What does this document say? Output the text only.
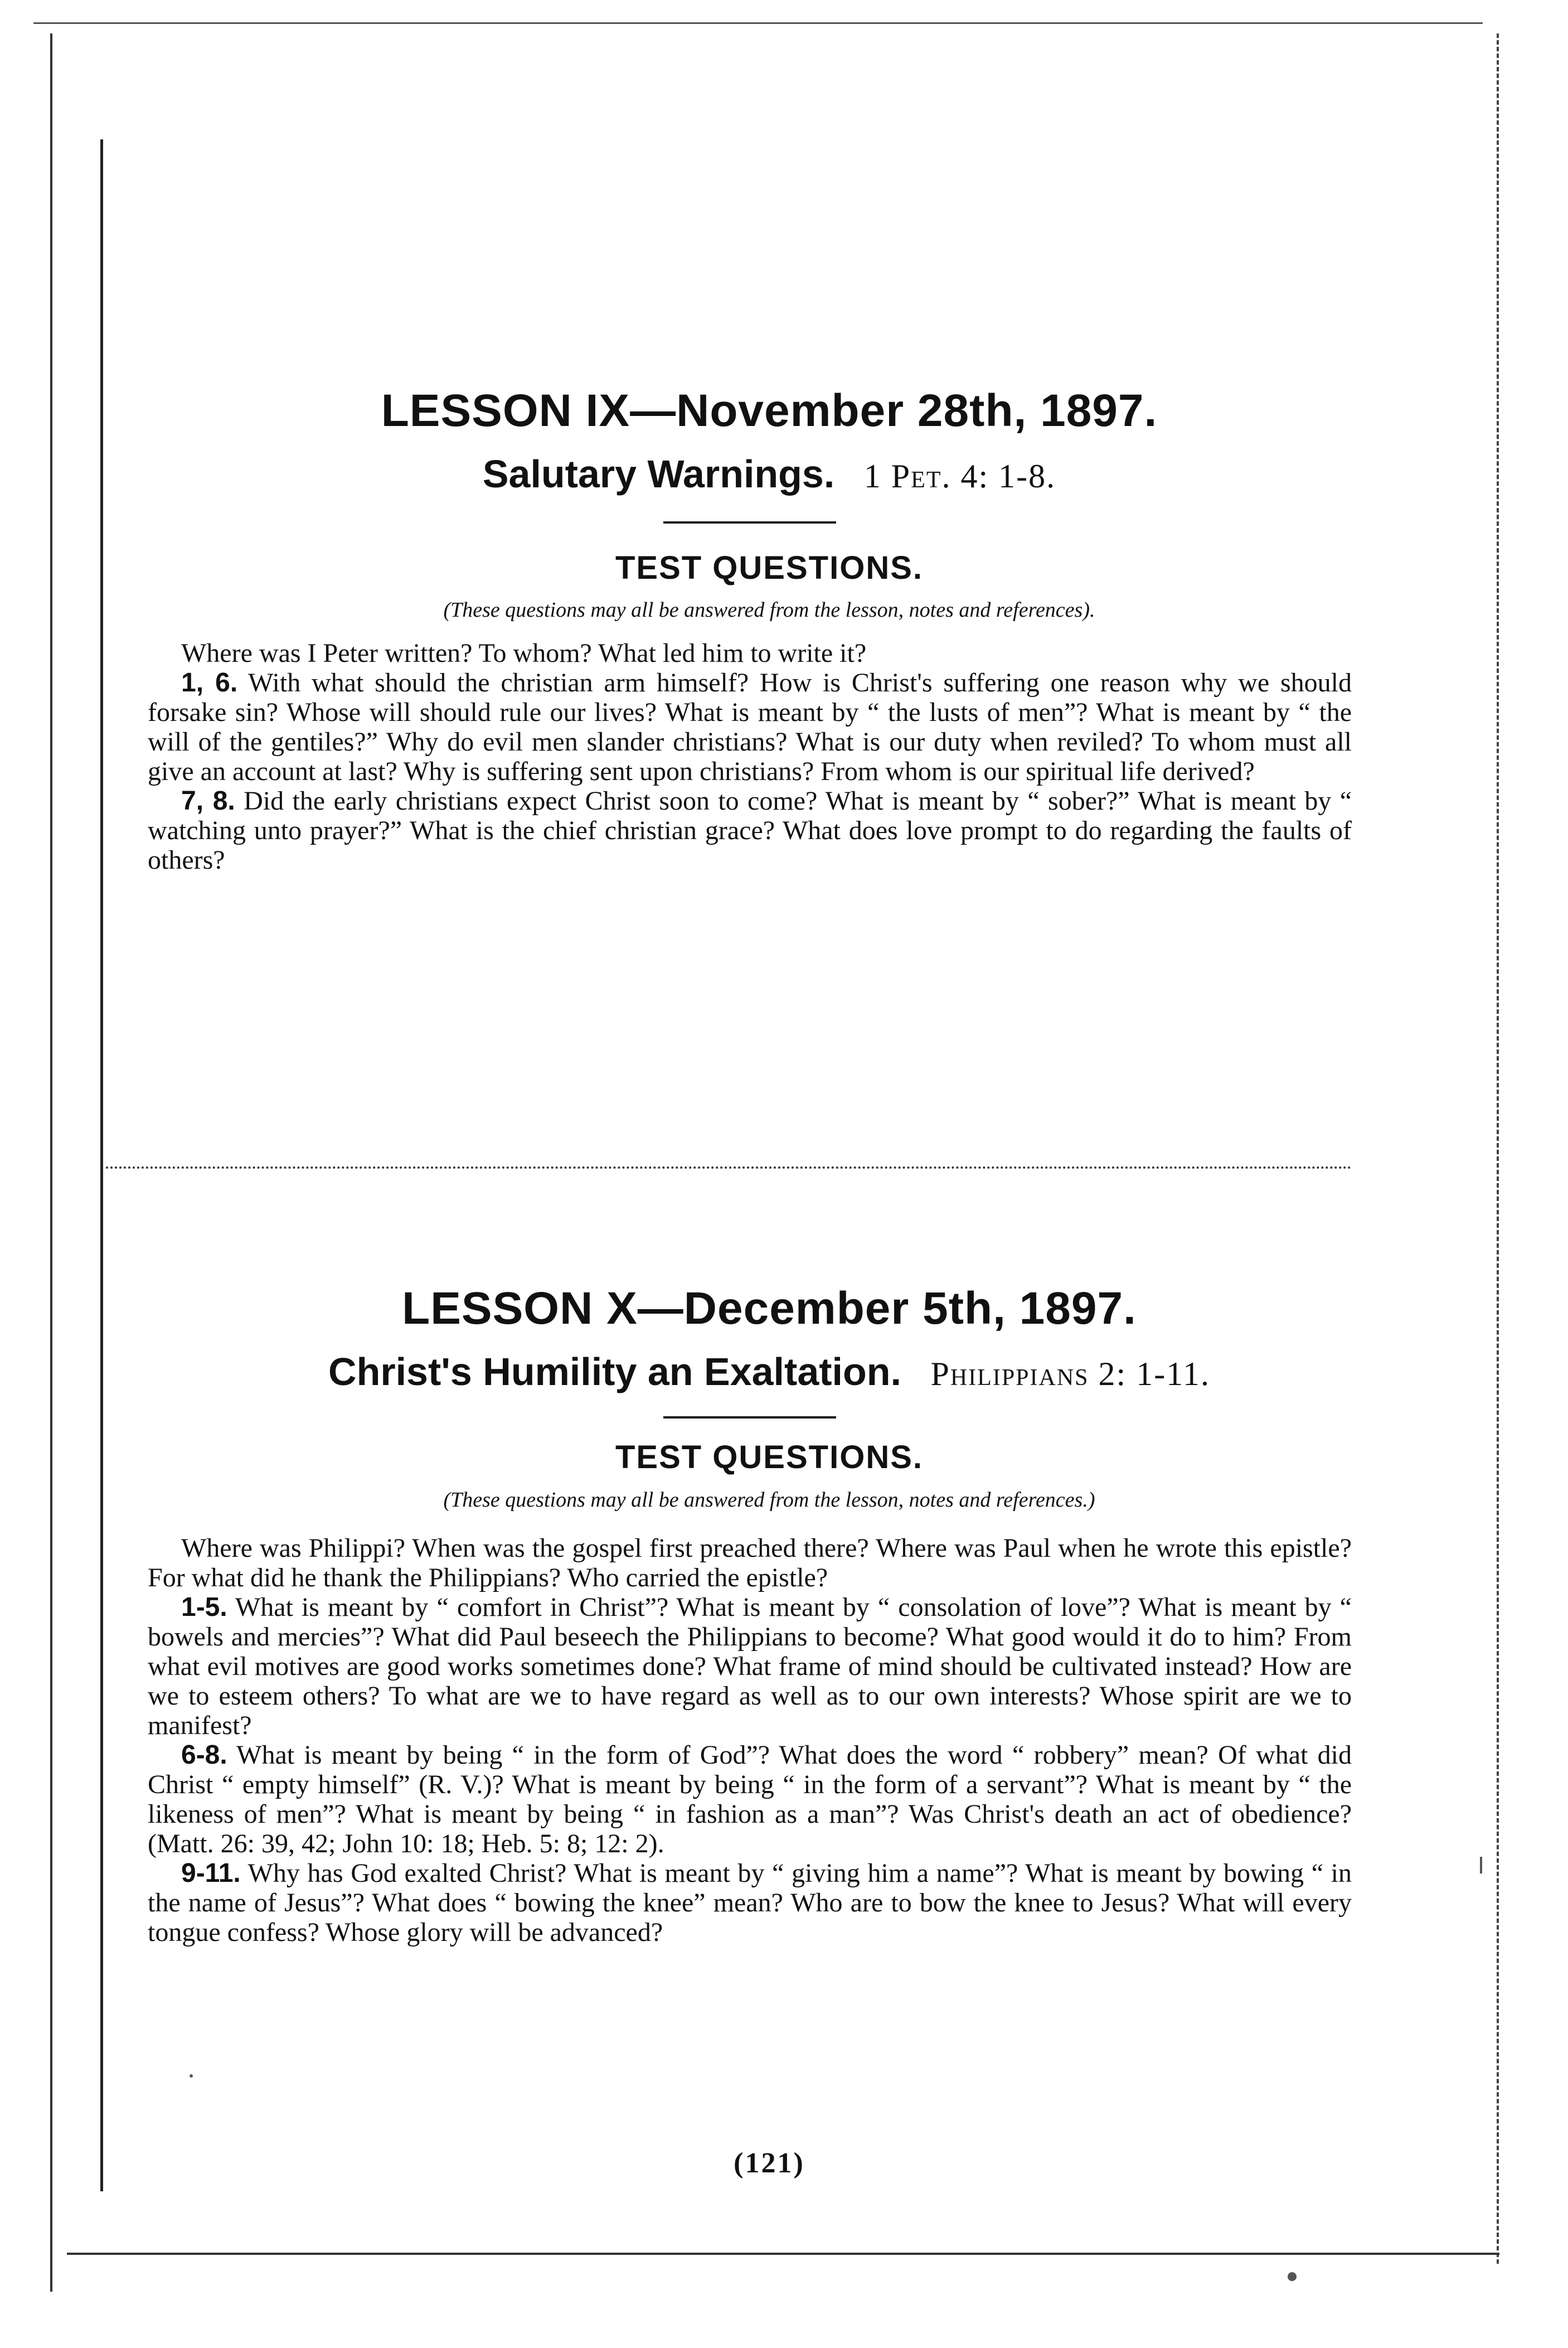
LESSON IX—November 28th, 1897.
Salutary Warnings. 1 Pet. 4: 1-8.
TEST QUESTIONS.
(These questions may all be answered from the lesson, notes and references).

Where was I Peter written? To whom? What led him to write it?

1, 6. With what should the christian arm himself? How is Christ's suffering one reason why we should forsake sin? Whose will should rule our lives? What is meant by “ the lusts of men”? What is meant by “ the will of the gentiles?” Why do evil men slander christians? What is our duty when reviled? To whom must all give an account at last? Why is suffering sent upon christians? From whom is our spiritual life derived?

7, 8. Did the early christians expect Christ soon to come? What is meant by “ sober?” What is meant by “ watching unto prayer?” What is the chief christian grace? What does love prompt to do regarding the faults of others?

LESSON X—December 5th, 1897.
Christ's Humility an Exaltation. Philippians 2: 1-11.
TEST QUESTIONS.
(These questions may all be answered from the lesson, notes and references.)

Where was Philippi? When was the gospel first preached there? Where was Paul when he wrote this epistle? For what did he thank the Philippians? Who carried the epistle?

1-5. What is meant by “ comfort in Christ”? What is meant by “ consolation of love”? What is meant by “ bowels and mercies”? What did Paul beseech the Philippians to become? What good would it do to him? From what evil motives are good works sometimes done? What frame of mind should be cultivated instead? How are we to esteem others? To what are we to have regard as well as to our own interests? Whose spirit are we to manifest?

6-8. What is meant by being “ in the form of God”? What does the word “ robbery” mean? Of what did Christ “ empty himself” (R. V.)? What is meant by being “ in the form of a servant”? What is meant by “ the likeness of men”? What is meant by being “ in fashion as a man”? Was Christ's death an act of obedience? (Matt. 26: 39, 42; John 10: 18; Heb. 5: 8; 12: 2).

9-11. Why has God exalted Christ? What is meant by “ giving him a name”? What is meant by bowing “ in the name of Jesus”? What does “ bowing the knee” mean? Who are to bow the knee to Jesus? What will every tongue confess? Whose glory will be advanced?

(121)
